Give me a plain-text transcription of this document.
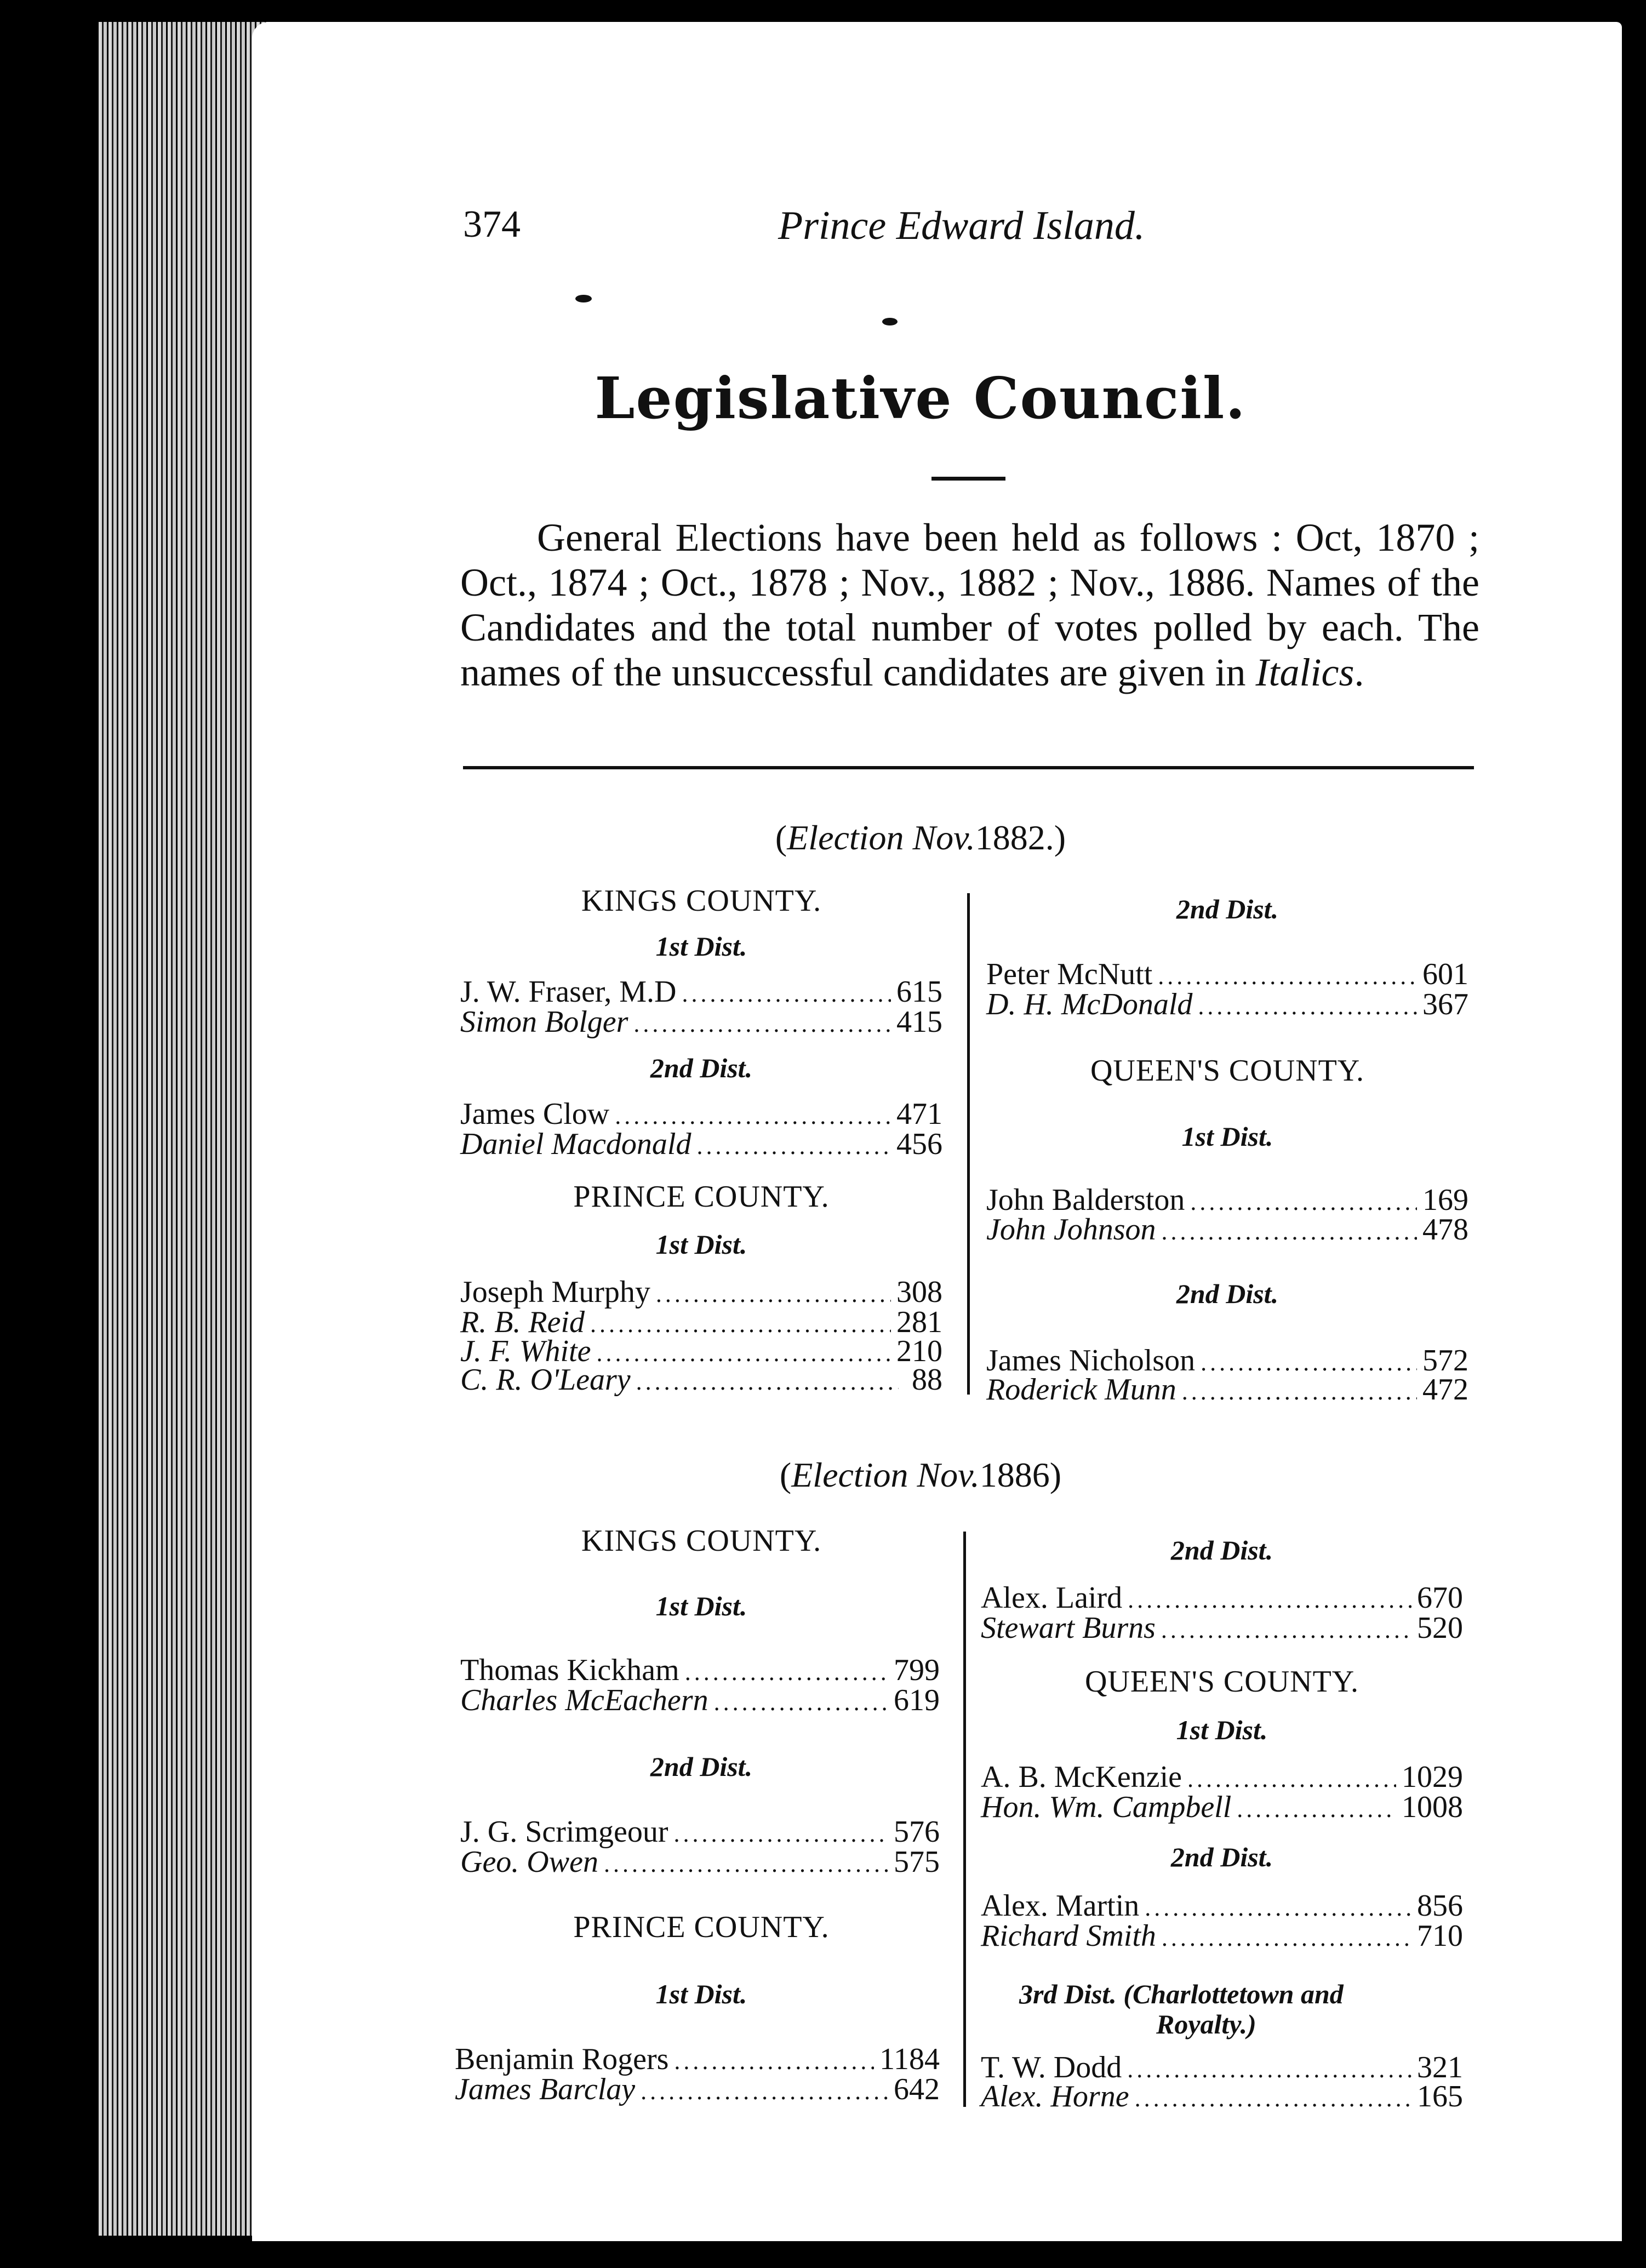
374	Prince Edward Island.
Legislative Council.
General Elections have been held as follows : Oct, 1870 ; Oct., 1874 ; Oct., 1878 ; Nov., 1882 ; Nov., 1886. Names of the Candidates and the total number of votes polled by each. The names of the unsuccessful candidates are given in Italics.
(Election Nov.1882.)
KINGS COUNTY.
1st Dist.
J. W. Fraser, M.D .....	615
Simon Bolger .....	415
2nd Dist.
James Clow .....	471
Daniel Macdonald .....	456
PRINCE COUNTY.
1st Dist.
Joseph Murphy .....	308
R. B. Reid .....	281
J. F. White .....	210
C. R. O'Leary .....	88
2nd Dist.
Peter McNutt .....	601
D. H. McDonald .....	367
QUEEN'S COUNTY.
1st Dist.
John Balderston .....	169
John Johnson .....	478
2nd Dist.
James Nicholson .....	572
Roderick Munn .....	472
(Election Nov.1886)
KINGS COUNTY.
1st Dist.
Thomas Kickham .....	799
Charles McEachern .....	619
2nd Dist.
J. G. Scrimgeour .....	576
Geo. Owen .....	575
PRINCE COUNTY.
1st Dist.
Benjamin Rogers .....	1184
James Barclay .....	642
2nd Dist.
Alex. Laird .....	670
Stewart Burns .....	520
QUEEN'S COUNTY.
1st Dist.
A. B. McKenzie .....	1029
Hon. Wm. Campbell .....	1008
2nd Dist.
Alex. Martin .....	856
Richard Smith .....	710
3rd Dist. (Charlottetown and
Royalty.)
T. W. Dodd .....	321
Alex. Horne .....	165
